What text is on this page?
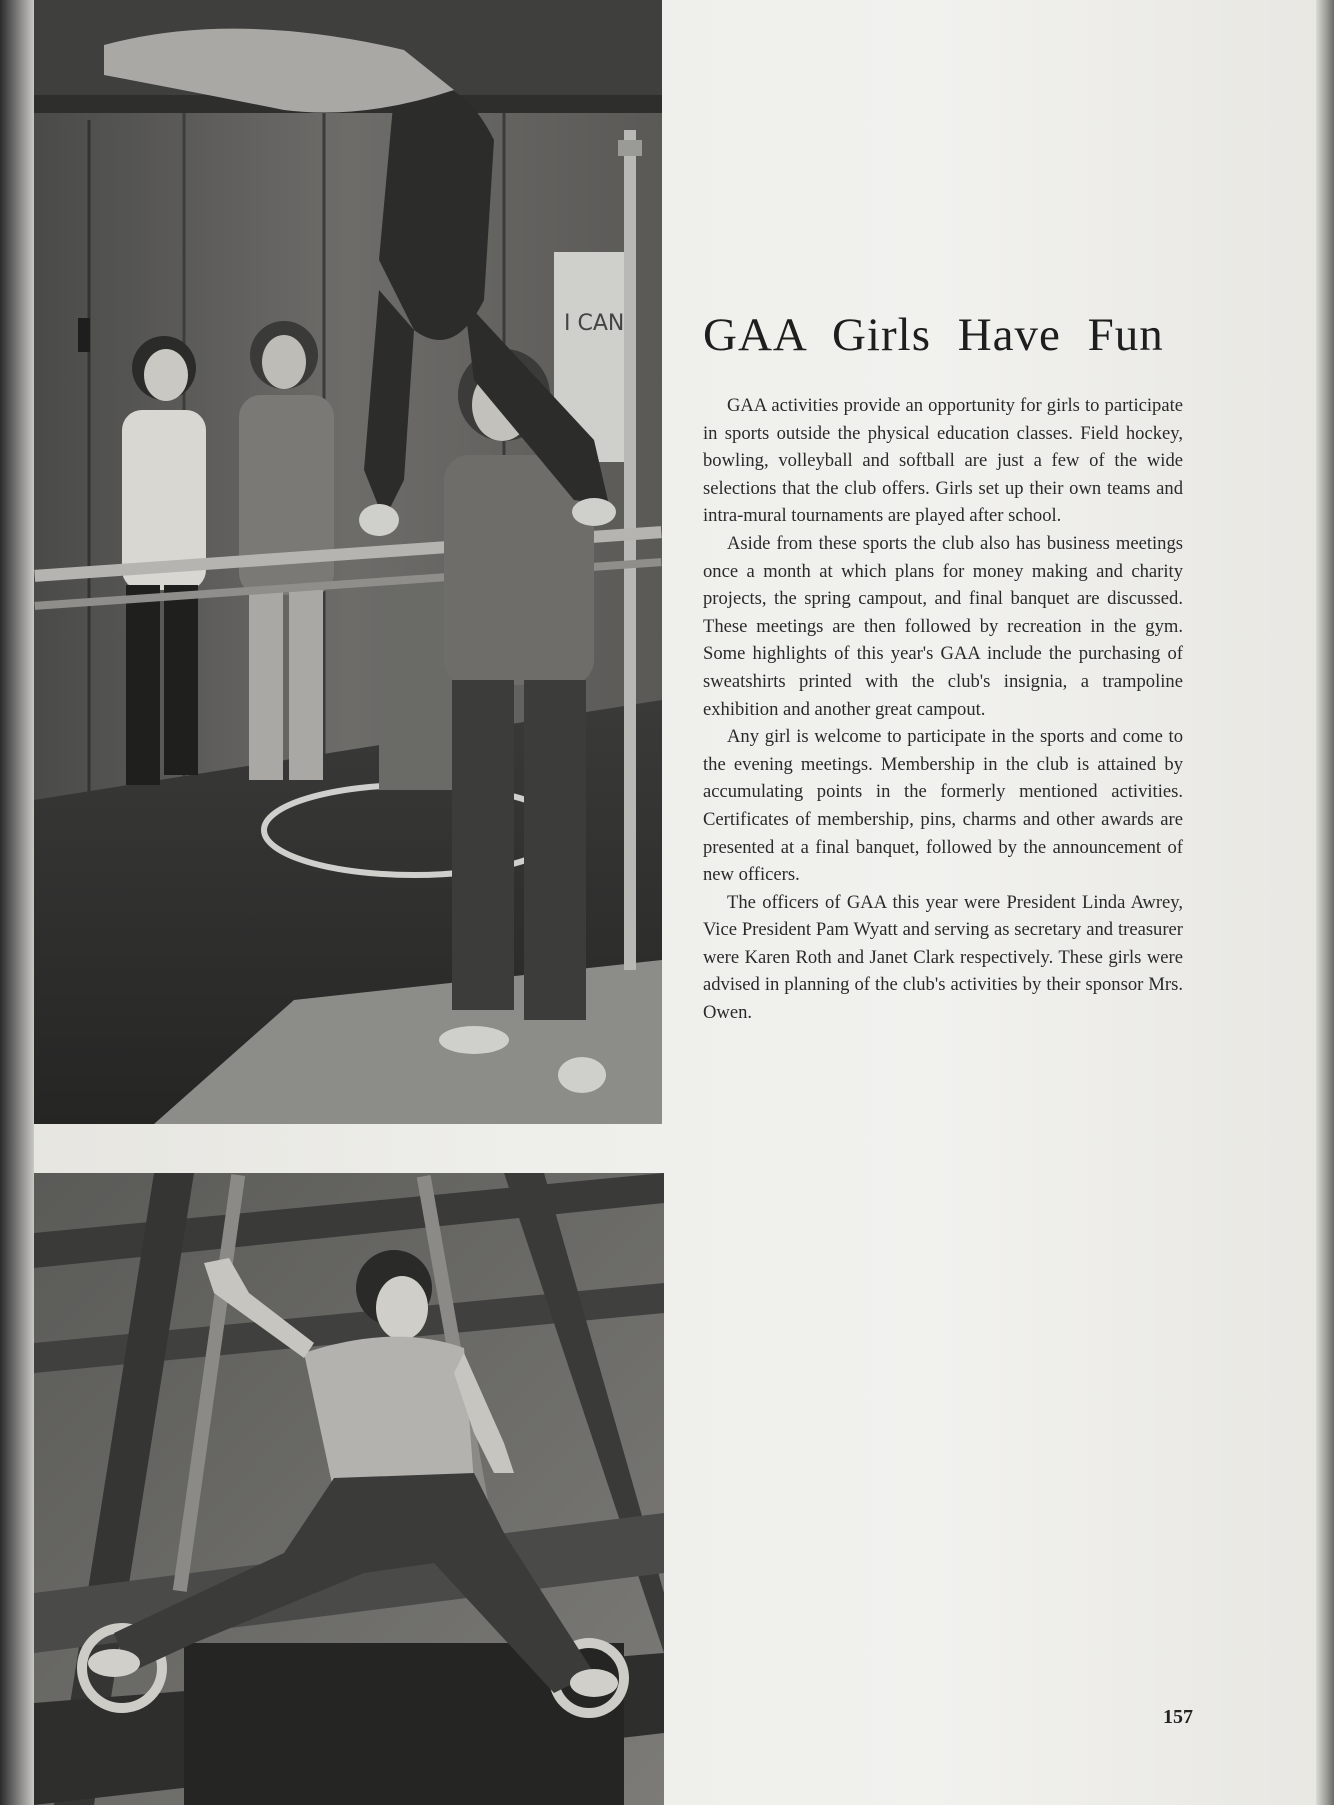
I CAN GAA Girls Have Fun

GAA activities provide an opportunity for girls to participate in sports outside the physical education classes. Field hockey, bowling, volleyball and softball are just a few of the wide selections that the club offers. Girls set up their own teams and intra-mural tournaments are played after school.

Aside from these sports the club also has business meetings once a month at which plans for money making and charity projects, the spring campout, and final banquet are discussed. These meetings are then followed by recreation in the gym. Some highlights of this year's GAA include the purchasing of sweatshirts printed with the club's insignia, a trampoline exhibition and another great campout.

Any girl is welcome to participate in the sports and come to the evening meetings. Membership in the club is attained by accumulating points in the formerly mentioned activities. Certificates of membership, pins, charms and other awards are presented at a final banquet, followed by the announcement of new officers.

The officers of GAA this year were President Linda Awrey, Vice President Pam Wyatt and serving as secretary and treasurer were Karen Roth and Janet Clark respectively. These girls were advised in planning of the club's activities by their sponsor Mrs. Owen.

157
